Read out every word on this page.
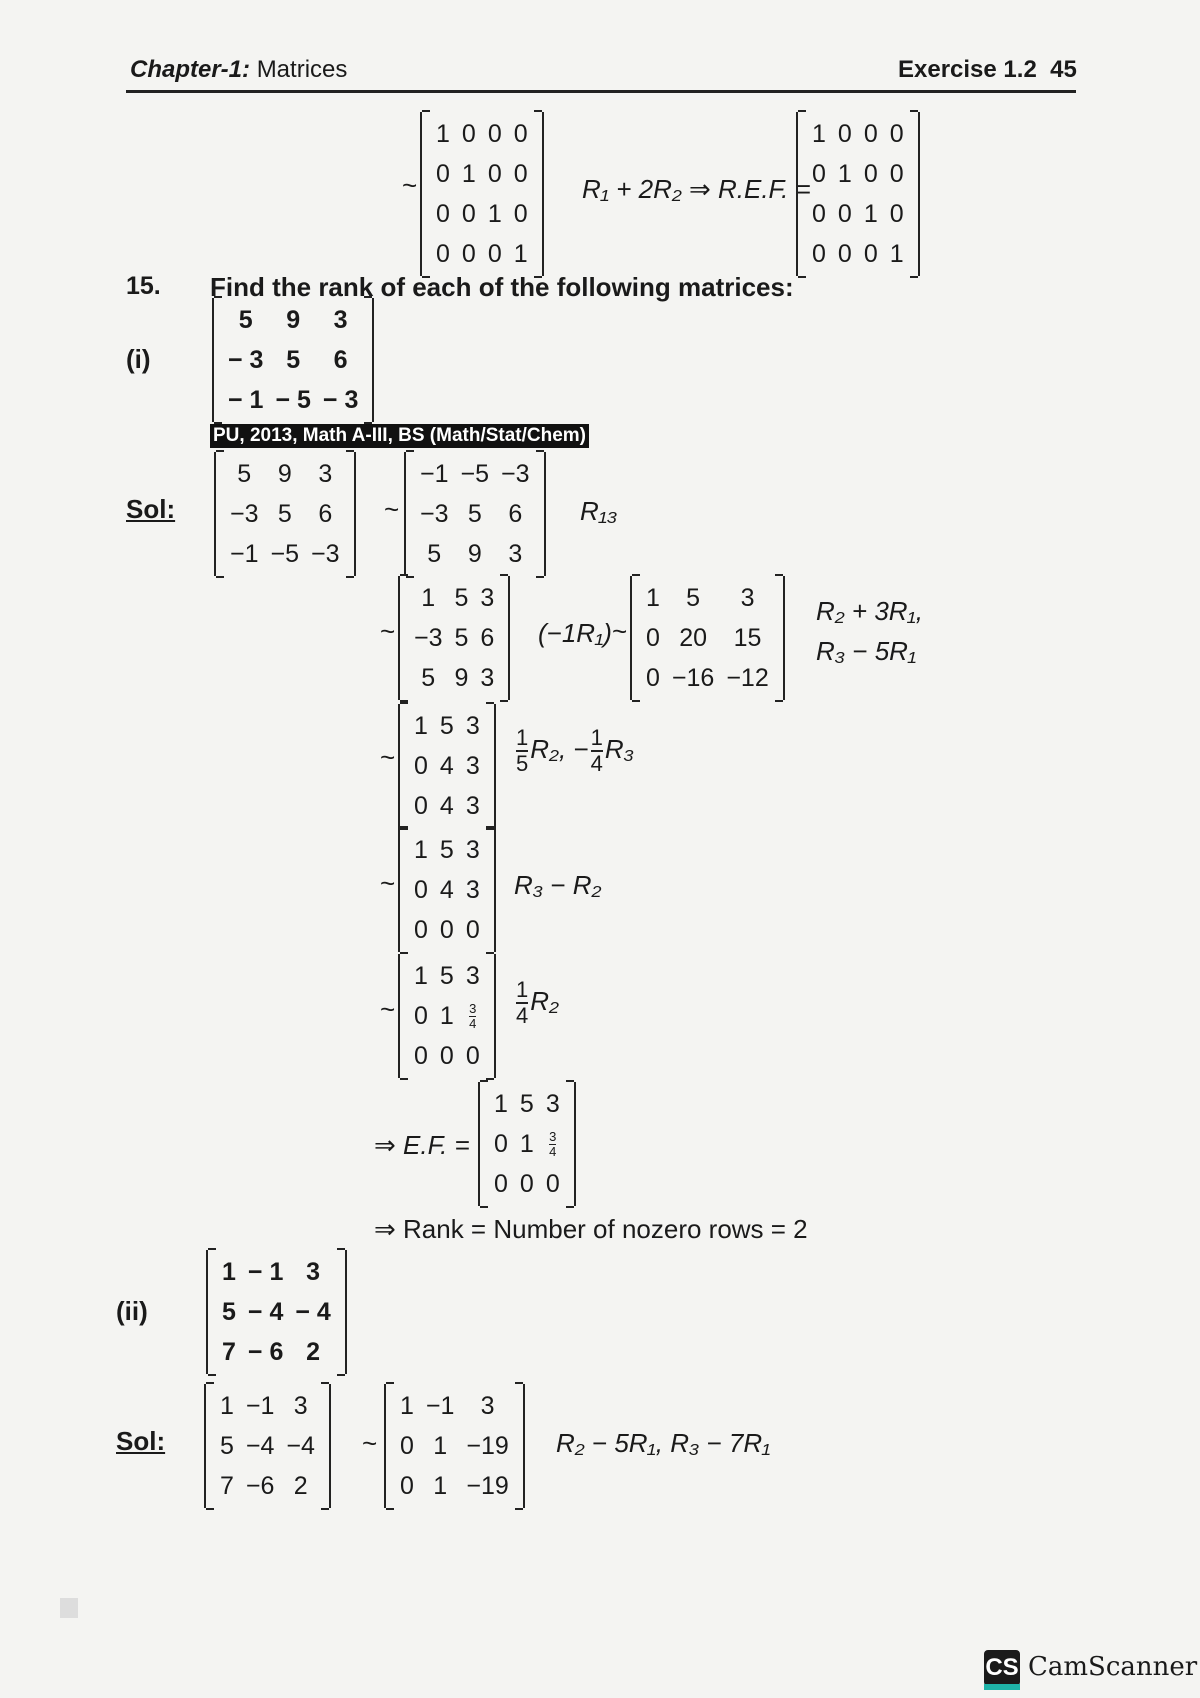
Chapter-1: Matrices	Exercise 1.2 45
~
1	0	0	0
0	1	0	0
0	0	1	0
0	0	0	1
R₁ + 2R₂ ⇒ R.E.F. =
1	0	0	0
0	1	0	0
0	0	1	0
0	0	0	1
15. Find the rank of each of the following matrices:
(i)
5	9	3
− 3	5	6
− 1	− 5	− 3
PU, 2013, Math A-III, BS (Math/Stat/Chem)
Sol:
5	9	3
−3	5	6
−1	−5	−3
~
−1	−5	−3
−3	5	6
5	9	3
R₁₃
~
1	5	3
−3	5	6
5	9	3
(−1R₁) ~
1	5	3
0	20	15
0	−16	−12
R₂ + 3R₁,
R₃ − 5R₁
~
1	5	3
0	4	3
0	4	3
$\frac{1}{5} R_2$, − $\frac{1}{4} R_3$
~
1	5	3
0	4	3
0	0	0
R₃ − R₂
~
1	5	3
0	1	$\frac{3}{4}$

0	0	0
$\frac{1}{4} R_2$
⇒ E.F. =
1	5	3
0	1	$\frac{3}{4}$

0	0	0
⇒ Rank = Number of nozero rows = 2
(ii)
1	− 1	3
5	− 4	− 4
7	− 6	2
Sol:
1	−1	3
5	−4	−4
7	−6	2
~
1	−1	3
0	1	−19
0	1	−19
R₂ − 5R₁, R₃ − 7R₁
CS CamScanner
